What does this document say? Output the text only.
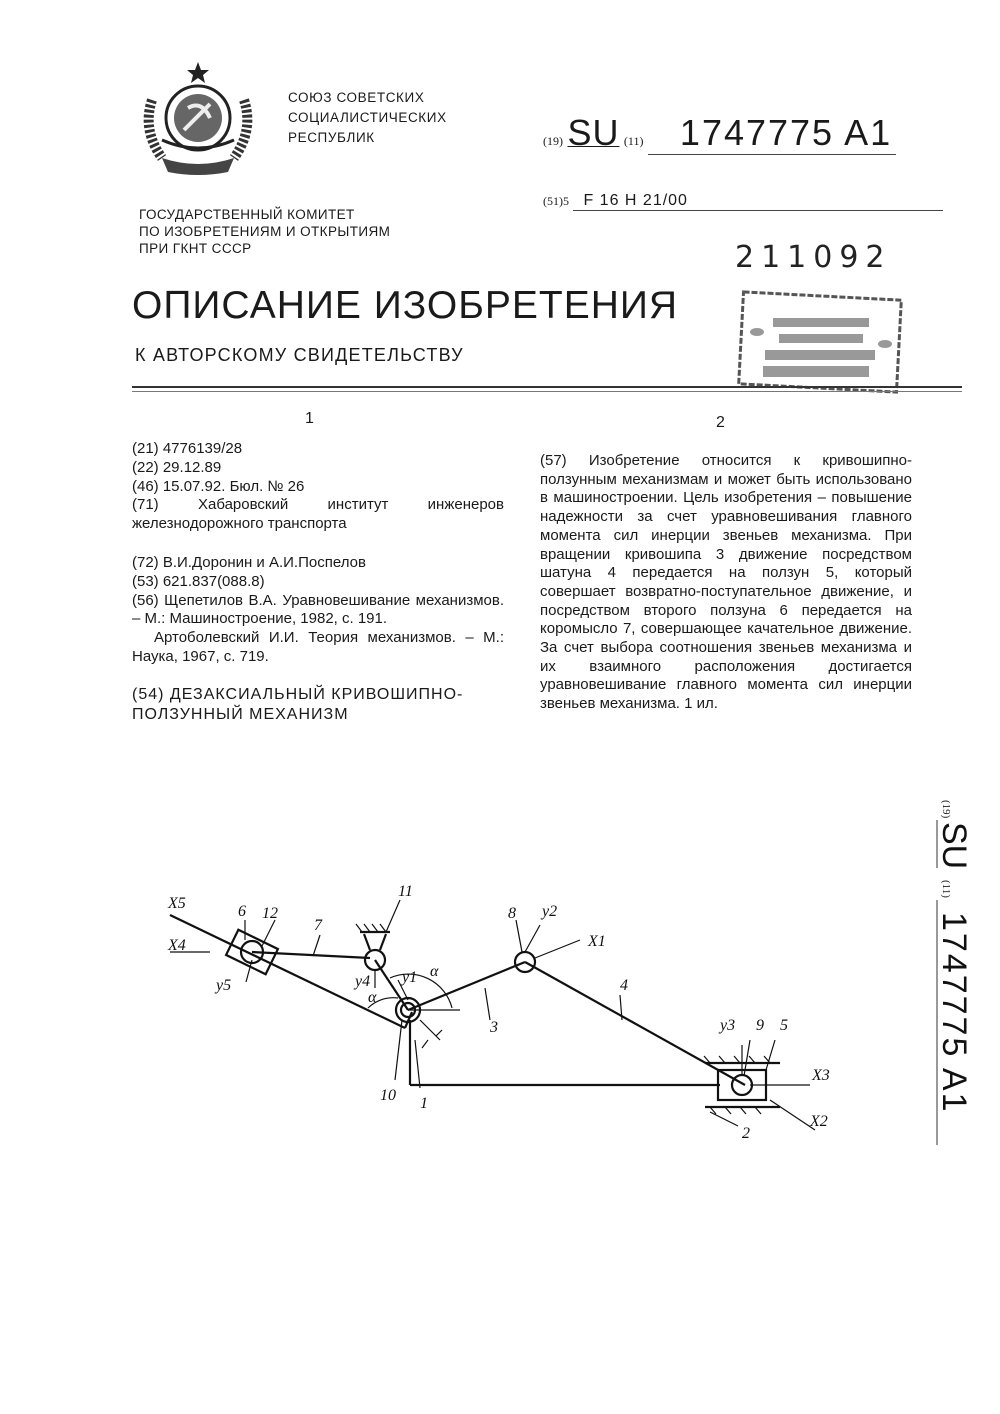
СОЮЗ СОВЕТСКИХ
СОЦИАЛИСТИЧЕСКИХ
РЕСПУБЛИК
ГОСУДАРСТВЕННЫЙ КОМИТЕТ
ПО ИЗОБРЕТЕНИЯМ И ОТКРЫТИЯМ
ПРИ ГКНТ СССР
(19) SU (11) 1747775 A1
(51)5 F 16 H 21/00
211092
ОПИСАНИЕ ИЗОБРЕТЕНИЯ
К АВТОРСКОМУ СВИДЕТЕЛЬСТВУ
1	2

(21) 4776139/28

(22) 29.12.89

(46) 15.07.92. Бюл. № 26

(71) Хабаровский институт инженеров железнодорожного транспорта

(72) В.И.Доронин и А.И.Поспелов

(53) 621.837(088.8)

(56) Щепетилов В.А. Уравновешивание механизмов. – М.: Машиностроение, 1982, с. 191.

Артоболевский И.И. Теория механизмов. – М.: Наука, 1967, с. 719.

(54) ДЕЗАКСИАЛЬНЫЙ КРИВОШИПНО-ПОЛЗУННЫЙ МЕХАНИЗМ

(57) Изобретение относится к кривошипно-ползунным механизмам и может быть использовано в машиностроении. Цель изобретения – повышение надежности за счет уравновешивания главного момента сил инерции звеньев механизма. При вращении кривошипа 3 движение посредством шатуна 4 передается на ползун 5, который совершает возвратно-поступательное движение, и посредством второго ползуна 6 передается на коромысло 7, совершающее качательное движение. За счет выбора соотношения звеньев механизма и их взаимного расположения достигается уравновешивание главного момента сил инерции звеньев механизма. 1 ил.
(19)
SU
(11)
1747775 A1
X5
X4
y5
6 12
7
11
y4
α
α
y1
8 y2
X1
3
4
10 1
y3 9 5
X3
X2
2
